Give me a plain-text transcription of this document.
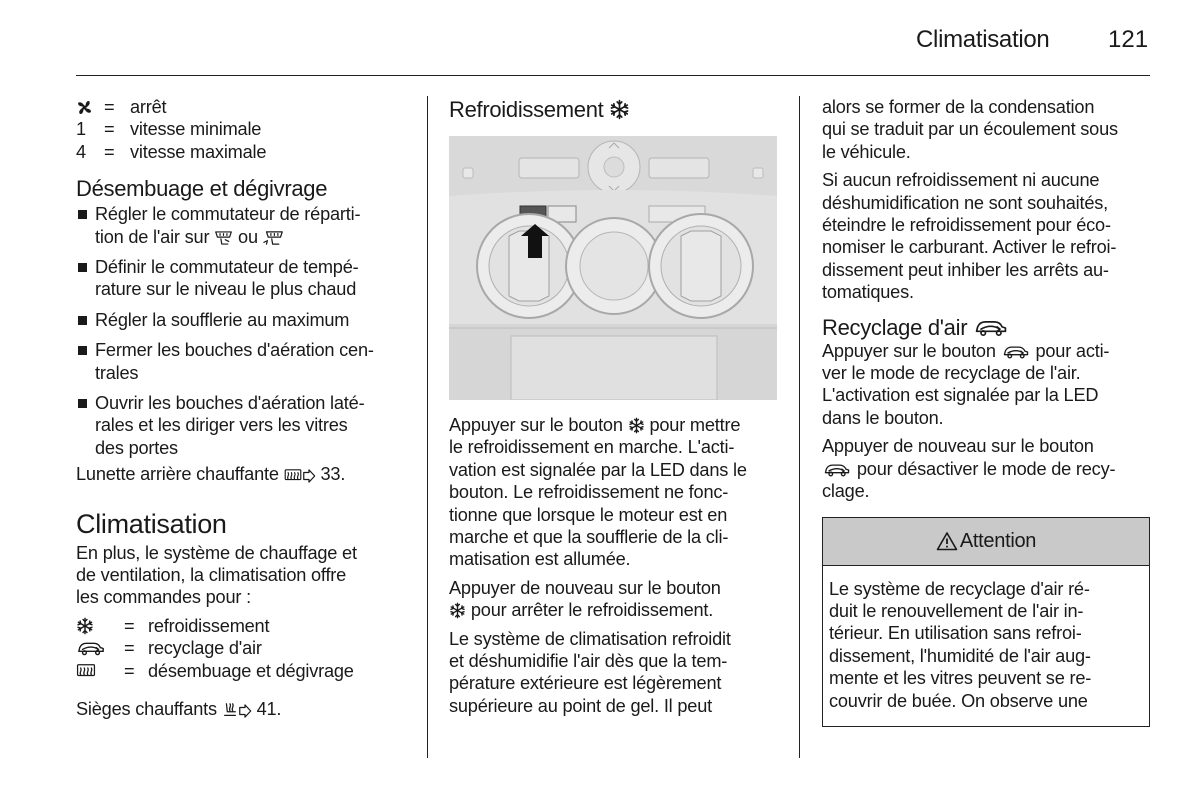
Climatisation 121
= arrêt
1 = vitesse minimale
4 = vitesse maximale
Désembuage et dégivrage
Régler le commutateur de réparti-
tion de l'air sur ou
Définir le commutateur de tempé-
rature sur le niveau le plus chaud
Régler la soufflerie au maximum
Fermer les bouches d'aération cen-
trales
Ouvrir les bouches d'aération laté-
rales et les diriger vers les vitres
des portes

Lunette arrière chauffante 33.

Climatisation

En plus, le système de chauffage et
de ventilation, la climatisation offre
les commandes pour :

= refroidissement
= recyclage d'air
= désembuage et dégivrage

Sièges chauffants 41.

Refroidissement

Appuyer sur le bouton pour mettre
le refroidissement en marche. L'acti-
vation est signalée par la LED dans le
bouton. Le refroidissement ne fonc-
tionne que lorsque le moteur est en
marche et que la soufflerie de la cli-
matisation est allumée.

Appuyer de nouveau sur le bouton
pour arrêter le refroidissement.

Le système de climatisation refroidit
et déshumidifie l'air dès que la tem-
pérature extérieure est légèrement
supérieure au point de gel. Il peut

alors se former de la condensation
qui se traduit par un écoulement sous
le véhicule.

Si aucun refroidissement ni aucune
déshumidification ne sont souhaités,
éteindre le refroidissement pour éco-
nomiser le carburant. Activer le refroi-
dissement peut inhiber les arrêts au-
tomatiques.

Recyclage d'air

Appuyer sur le bouton pour acti-
ver le mode de recyclage de l'air.
L'activation est signalée par la LED
dans le bouton.

Appuyer de nouveau sur le bouton
pour désactiver le mode de recy-
clage.

Attention
Le système de recyclage d'air ré-
duit le renouvellement de l'air in-
térieur. En utilisation sans refroi-
dissement, l'humidité de l'air aug-
mente et les vitres peuvent se re-
couvrir de buée. On observe une
